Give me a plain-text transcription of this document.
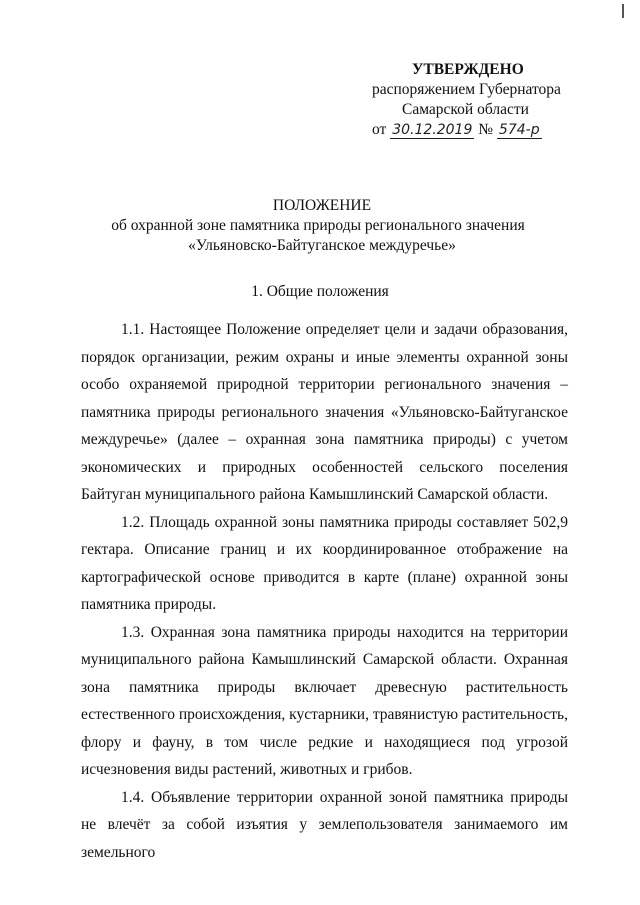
УТВЕРЖДЕНО
распоряжением Губернатора
Самарской области
от 30.12.2019 № 574-р
ПОЛОЖЕНИЕ
об охранной зоне памятника природы регионального значения
«Ульяновско-Байтуганское междуречье»
1. Общие положения

1.1. Настоящее Положение определяет цели и задачи образования, порядок организации, режим охраны и иные элементы охранной зоны особо охраняемой природной территории регионального значения – памятника природы регионального значения «Ульяновско-Байтуганское междуречье» (далее – охранная зона памятника природы) с учетом экономических и природных особенностей сельского поселения Байтуган муниципального района Камышлинский Самарской области.

1.2. Площадь охранной зоны памятника природы составляет 502,9 гектара. Описание границ и их координированное отображение на картографической основе приводится в карте (плане) охранной зоны памятника природы.

1.3. Охранная зона памятника природы находится на территории муниципального района Камышлинский Самарской области. Охранная зона памятника природы включает древесную растительность естественного происхождения, кустарники, травянистую растительность, флору и фауну, в том числе редкие и находящиеся под угрозой исчезновения виды растений, животных и грибов.

1.4. Объявление территории охранной зоной памятника природы не влечёт за собой изъятия у землепользователя занимаемого им земельного
